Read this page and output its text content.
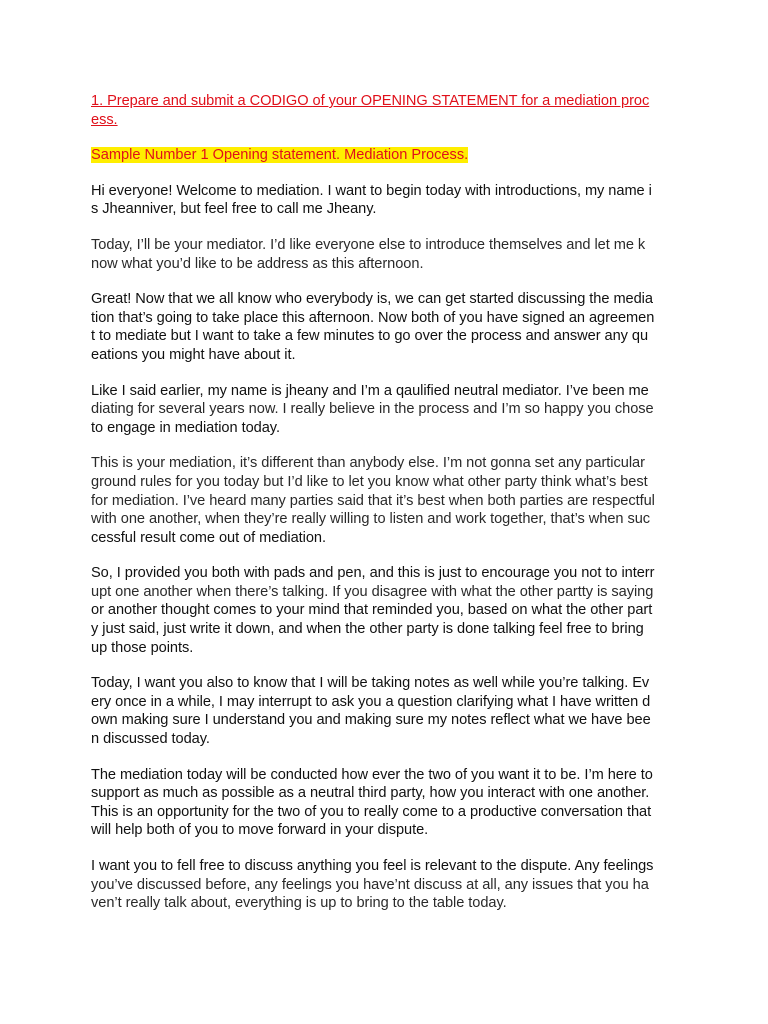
1. Prepare and submit a CODIGO of your OPENING STATEMENT for a mediation proc
ess.
Sample Number 1 Opening statement. Mediation Process.
Hi everyone! Welcome to mediation. I want to begin today with introductions, my name i
s Jheanniver, but feel free to call me Jheany.
Today, I’ll be your mediator. I’d like everyone else to introduce themselves and let me k
now what you’d like to be address as this afternoon.
Great! Now that we all know who everybody is, we can get started discussing the media
tion that’s going to take place this afternoon. Now both of you have signed an agreemen
t to mediate but I want to take a few minutes to go over the process and answer any qu
eations you might have about it.
Like I said earlier, my name is jheany and I’m a qaulified neutral mediator. I’ve been me
diating for several years now. I really believe in the process and I’m so happy you chose
to engage in mediation today.
This is your mediation, it’s different than anybody else. I’m not gonna set any particular
ground rules for you today but I’d like to let you know what other party think what’s best
for mediation. I’ve heard many parties said that it’s best when both parties are respectful
with one another, when they’re really willing to listen and work together, that’s when suc
cessful result come out of mediation.
So, I provided you both with pads and pen, and this is just to encourage you not to interr
upt one another when there’s talking. If you disagree with what the other partty is saying
or another thought comes to your mind that reminded you, based on what the other part
y just said, just write it down, and when the other party is done talking feel free to bring
up those points.
Today, I want you also to know that I will be taking notes as well while you’re talking. Ev
ery once in a while, I may interrupt to ask you a question clarifying what I have written d
own making sure I understand you and making sure my notes reflect what we have bee
n discussed today.
The mediation today will be conducted how ever the two of you want it to be. I’m here to
support as much as possible as a neutral third party, how you interact with one another.
This is an opportunity for the two of you to really come to a productive conversation that
will help both of you to move forward in your dispute.
I want you to fell free to discuss anything you feel is relevant to the dispute. Any feelings
you’ve discussed before, any feelings you have’nt discuss at all, any issues that you ha
ven’t really talk about, everything is up to bring to the table today.
